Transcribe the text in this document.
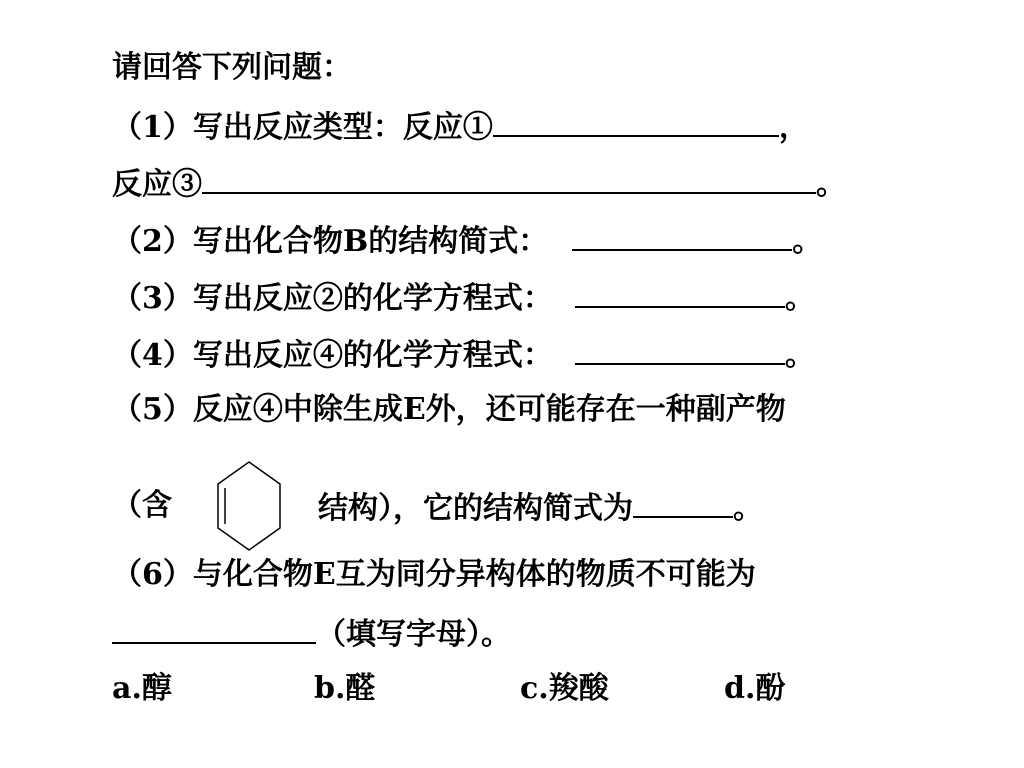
请回答下列问题：
（1）写出反应类型：反应①	，
反应③	。
（2）写出化合物B的结构简式：	。
（3）写出反应②的化学方程式：	。
（4）写出反应④的化学方程式：	。
（5）反应④中除生成E外，还可能存在一种副产物
（含	结构），它的结构简式为	。
（6）与化合物E互为同分异构体的物质不可能为
（填写字母）。
a.醇	b.醛	c.羧酸	d.酚
